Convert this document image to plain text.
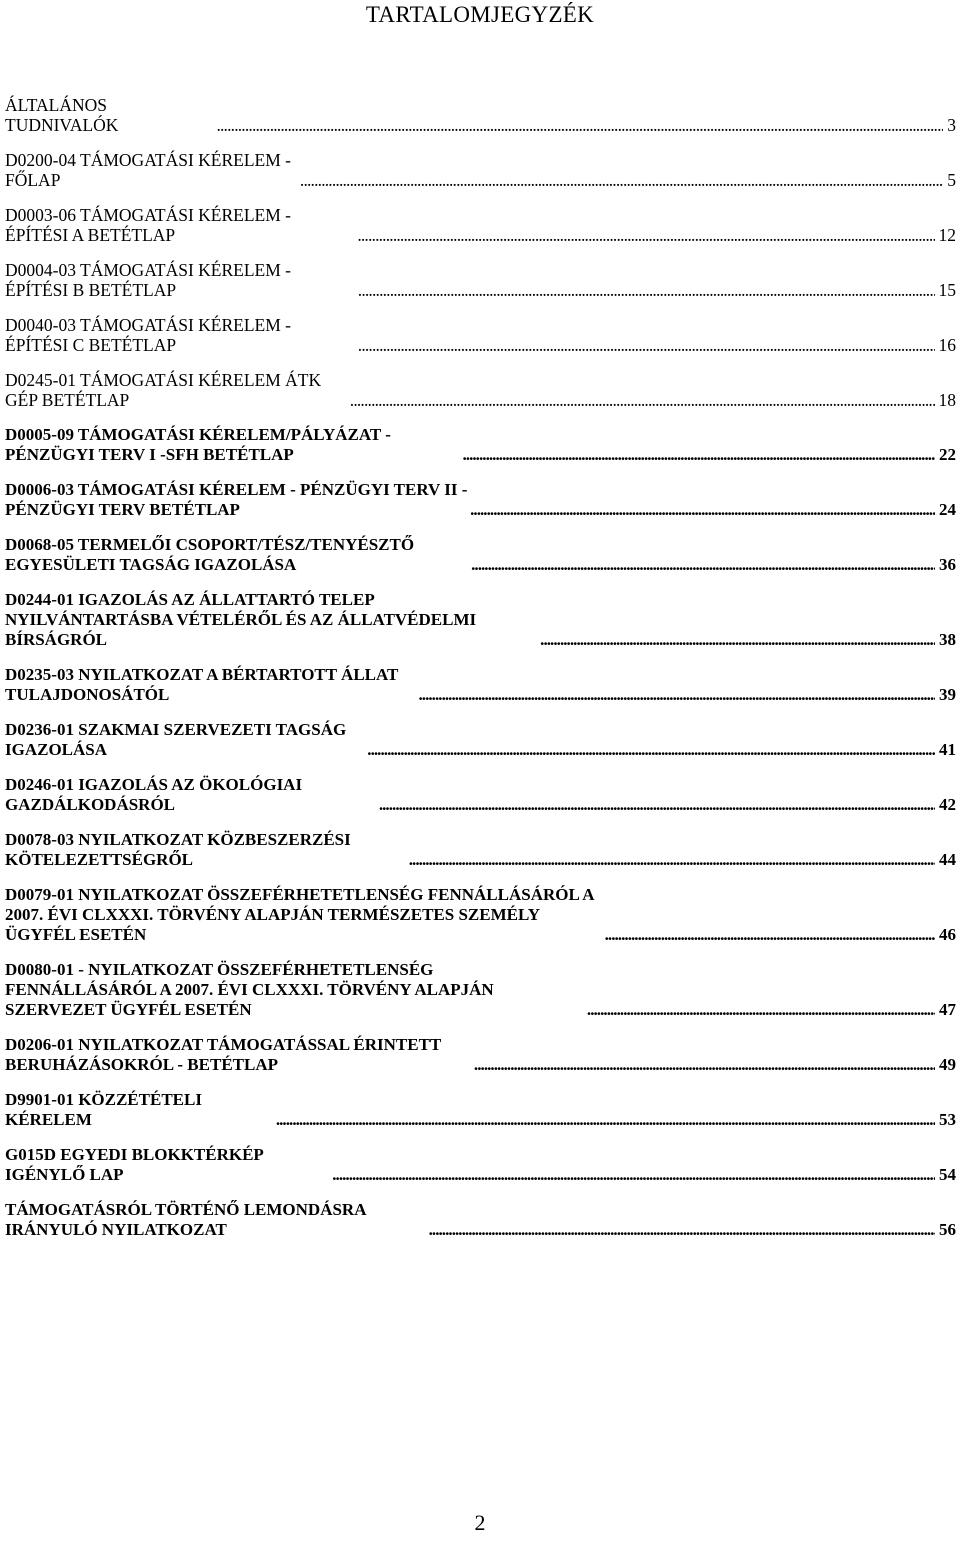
TARTALOMJEGYZÉK
ÁLTALÁNOS TUDNIVALÓK . . .	3
D0200-04 TÁMOGATÁSI KÉRELEM - FŐLAP . . .	5
D0003-06 TÁMOGATÁSI KÉRELEM - ÉPÍTÉSI A BETÉTLAP . . .	12
D0004-03 TÁMOGATÁSI KÉRELEM - ÉPÍTÉSI B BETÉTLAP . . .	15
D0040-03 TÁMOGATÁSI KÉRELEM - ÉPÍTÉSI C BETÉTLAP . . .	16
D0245-01 TÁMOGATÁSI KÉRELEM ÁTK GÉP BETÉTLAP . . .	18
D0005-09 TÁMOGATÁSI KÉRELEM/PÁLYÁZAT - PÉNZÜGYI TERV I -SFH BETÉTLAP . . .	22
D0006-03 TÁMOGATÁSI KÉRELEM - PÉNZÜGYI TERV II - PÉNZÜGYI TERV BETÉTLAP . . .	24
D0068-05 TERMELŐI CSOPORT/TÉSZ/TENYÉSZTŐ EGYESÜLETI TAGSÁG IGAZOLÁSA . . .	36
D0244-01 IGAZOLÁS AZ ÁLLATTARTÓ TELEP NYILVÁNTARTÁSBA VÉTELÉRŐL ÉS AZ ÁLLATVÉDELMI BÍRSÁGRÓL . . .	38
D0235-03 NYILATKOZAT A BÉRTARTOTT ÁLLAT TULAJDONOSÁTÓL . . .	39
D0236-01 SZAKMAI SZERVEZETI TAGSÁG IGAZOLÁSA . . .	41
D0246-01 IGAZOLÁS AZ ÖKOLÓGIAI GAZDÁLKODÁSRÓL . . .	42
D0078-03 NYILATKOZAT KÖZBESZERZÉSI KÖTELEZETTSÉGRŐL . . .	44
D0079-01 NYILATKOZAT ÖSSZEFÉRHETETLENSÉG FENNÁLLÁSÁRÓL A 2007. ÉVI CLXXXI. TÖRVÉNY ALAPJÁN TERMÉSZETES SZEMÉLY ÜGYFÉL ESETÉN . . .	46
D0080-01 - NYILATKOZAT ÖSSZEFÉRHETETLENSÉG FENNÁLLÁSÁRÓL A 2007. ÉVI CLXXXI. TÖRVÉNY ALAPJÁN SZERVEZET ÜGYFÉL ESETÉN . . .	47
D0206-01 NYILATKOZAT TÁMOGATÁSSAL ÉRINTETT BERUHÁZÁSOKRÓL - BETÉTLAP . . .	49
D9901-01 KÖZZÉTÉTELI KÉRELEM . . .	53
G015D EGYEDI BLOKKTÉRKÉP IGÉNYLŐ LAP . . .	54
TÁMOGATÁSRÓL TÖRTÉNŐ LEMONDÁSRA IRÁNYULÓ NYILATKOZAT . . .	56
2
